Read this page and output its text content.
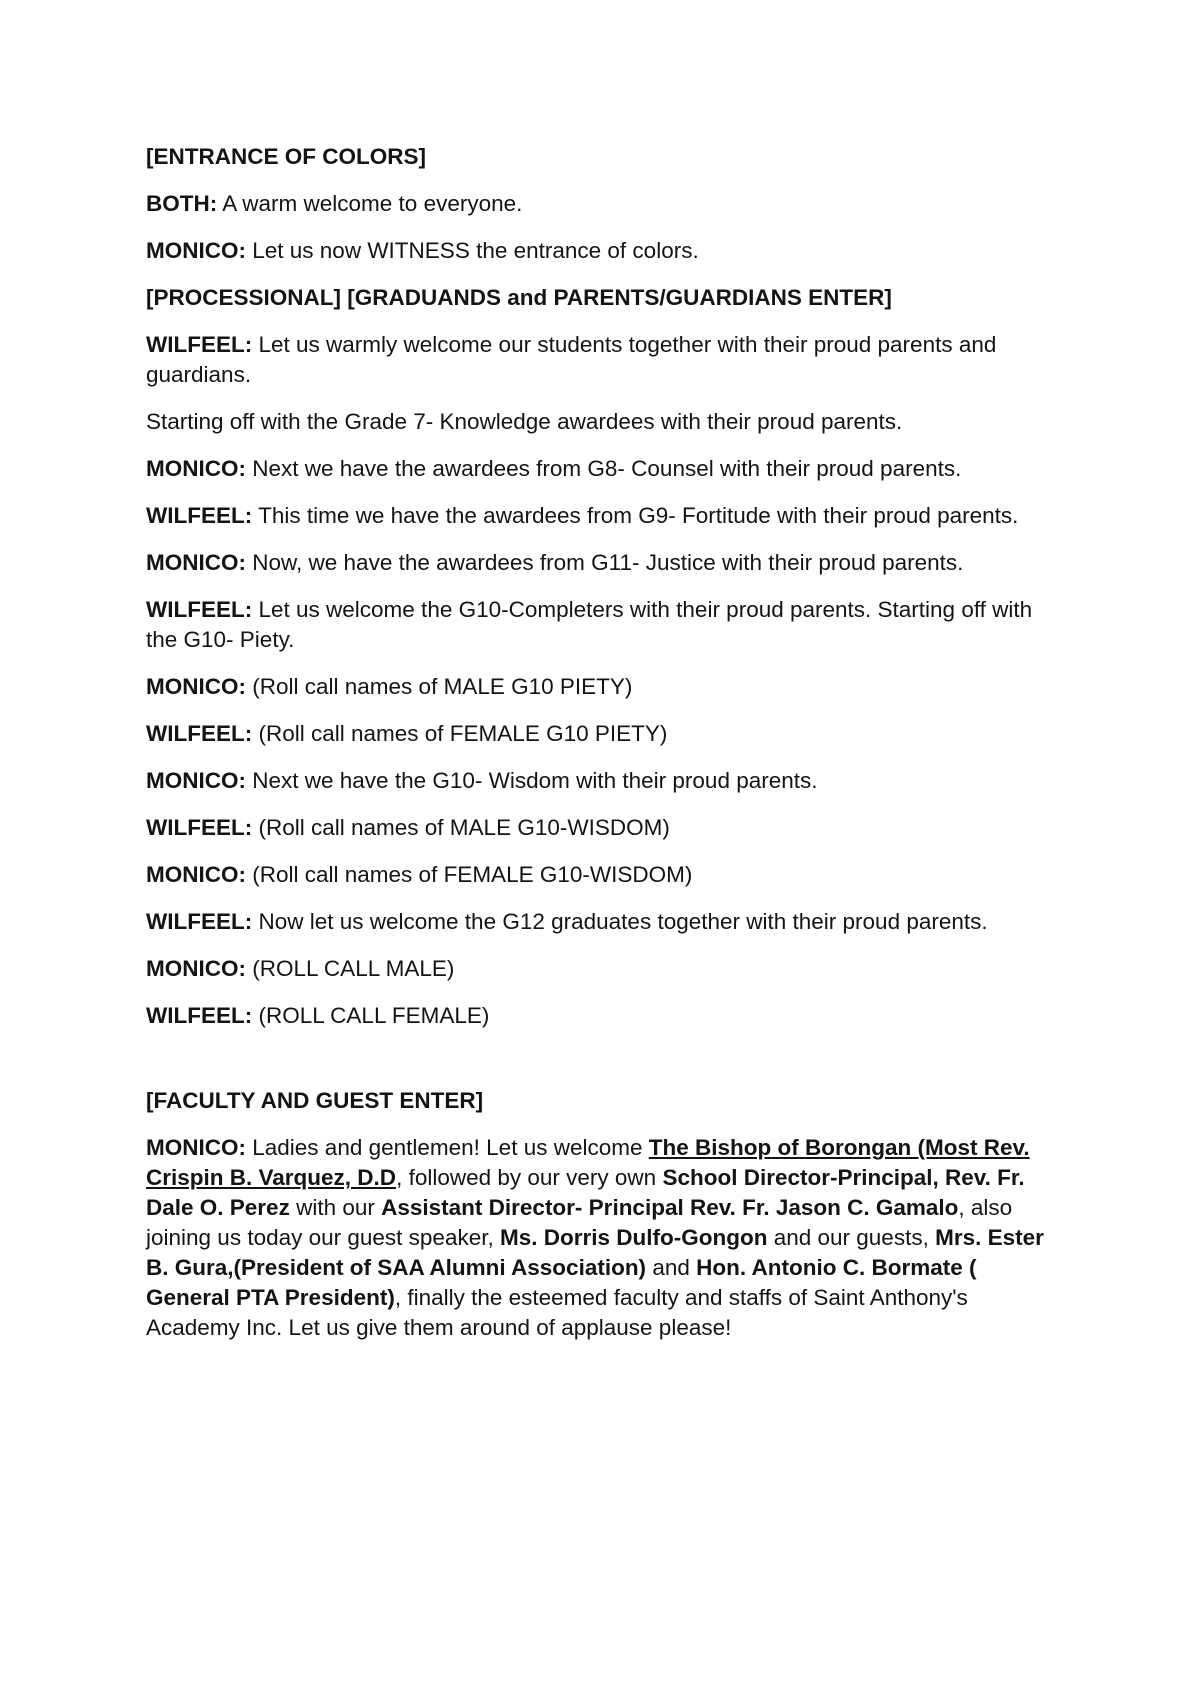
[ENTRANCE OF COLORS]

BOTH: A warm welcome to everyone.

MONICO: Let us now WITNESS the entrance of colors.

[PROCESSIONAL] [GRADUANDS and PARENTS/GUARDIANS ENTER]

WILFEEL: Let us warmly welcome our students together with their proud parents and guardians.

Starting off with the Grade 7- Knowledge awardees with their proud parents.

MONICO: Next we have the awardees from G8- Counsel with their proud parents.

WILFEEL: This time we have the awardees from G9- Fortitude with their proud parents.

MONICO: Now, we have the awardees from G11- Justice with their proud parents.

WILFEEL: Let us welcome the G10-Completers with their proud parents. Starting off with the G10- Piety.

MONICO: (Roll call names of MALE G10 PIETY)

WILFEEL: (Roll call names of FEMALE G10 PIETY)

MONICO: Next we have the G10- Wisdom with their proud parents.

WILFEEL: (Roll call names of MALE G10-WISDOM)

MONICO: (Roll call names of FEMALE G10-WISDOM)

WILFEEL: Now let us welcome the G12 graduates together with their proud parents.

MONICO: (ROLL CALL MALE)

WILFEEL: (ROLL CALL FEMALE)

[FACULTY AND GUEST ENTER]

MONICO: Ladies and gentlemen! Let us welcome The Bishop of Borongan (Most Rev. Crispin B. Varquez, D.D, followed by our very own School Director-Principal, Rev. Fr. Dale O. Perez with our Assistant Director- Principal Rev. Fr. Jason C. Gamalo, also joining us today our guest speaker, Ms. Dorris Dulfo-Gongon and our guests, Mrs. Ester B. Gura,(President of SAA Alumni Association) and Hon. Antonio C. Bormate ( General PTA President), finally the esteemed faculty and staffs of Saint Anthony's Academy Inc. Let us give them around of applause please!
